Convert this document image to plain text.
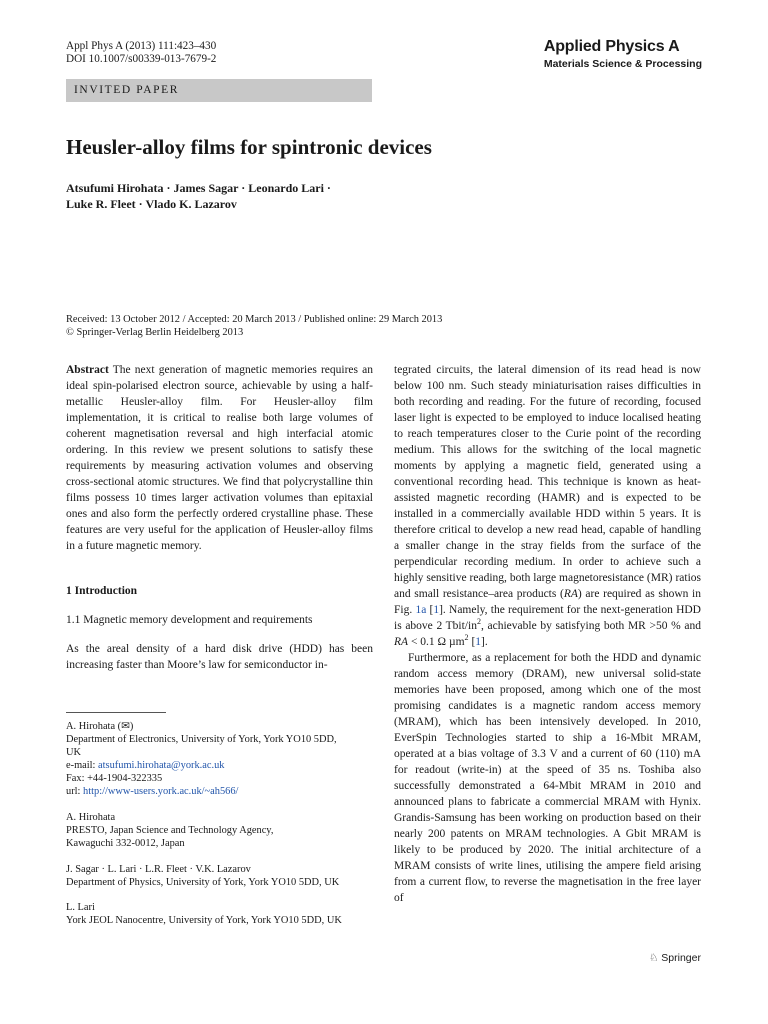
Appl Phys A (2013) 111:423–430
DOI 10.1007/s00339-013-7679-2
Applied Physics A
Materials Science & Processing
INVITED PAPER
Heusler-alloy films for spintronic devices
Atsufumi Hirohata · James Sagar · Leonardo Lari ·
Luke R. Fleet · Vlado K. Lazarov
Received: 13 October 2012 / Accepted: 20 March 2013 / Published online: 29 March 2013
© Springer-Verlag Berlin Heidelberg 2013

Abstract The next generation of magnetic memories requires an ideal spin-polarised electron source, achievable by using a half-metallic Heusler-alloy film. For Heusler-alloy film implementation, it is critical to realise both large volumes of coherent magnetisation reversal and high interfacial atomic ordering. In this review we present solutions to satisfy these requirements by measuring activation volumes and observing cross-sectional atomic structures. We find that polycrystalline thin films possess 10 times larger activation volumes than epitaxial ones and also form the perfectly ordered crystalline phase. These features are very useful for the application of Heusler-alloy films in a future magnetic memory.

1 Introduction

1.1 Magnetic memory development and requirements

As the areal density of a hard disk drive (HDD) has been increasing faster than Moore’s law for semiconductor in-

A. Hirohata (✉)
Department of Electronics, University of York, York YO10 5DD,
UK
e-mail: atsufumi.hirohata@york.ac.uk
Fax: +44-1904-322335
url: http://www-users.york.ac.uk/~ah566/
A. Hirohata
PRESTO, Japan Science and Technology Agency,
Kawaguchi 332-0012, Japan
J. Sagar · L. Lari · L.R. Fleet · V.K. Lazarov
Department of Physics, University of York, York YO10 5DD, UK
L. Lari
York JEOL Nanocentre, University of York, York YO10 5DD, UK

tegrated circuits, the lateral dimension of its read head is now below 100 nm. Such steady miniaturisation raises difficulties in both recording and reading. For the future of recording, focused laser light is expected to be employed to induce localised heating to reach temperatures closer to the Curie point of the recording medium. This allows for the switching of the local magnetic moments by applying a magnetic field, generated using a conventional recording head. This technique is known as heat-assisted magnetic recording (HAMR) and is expected to be installed in a commercially available HDD within 5 years. It is therefore critical to develop a new read head, capable of handling a smaller change in the stray fields from the surface of the perpendicular recording medium. In order to achieve such a highly sensitive reading, both large magnetoresistance (MR) ratios and small resistance–area products (RA) are required as shown in Fig. 1a [1]. Namely, the requirement for the next-generation HDD is above 2 Tbit/$in^2$, achievable by satisfying both MR >50 % and RA < 0.1 Ω µm$^2$ [1].

Furthermore, as a replacement for both the HDD and dynamic random access memory (DRAM), new universal solid-state memories have been proposed, among which one of the most promising candidates is a magnetic random access memory (MRAM), which has been intensively developed. In 2010, EverSpin Technologies started to ship a 16-Mbit MRAM, operated at a bias voltage of 3.3 V and a current of 60 (110) mA for readout (write-in) at the speed of 35 ns. Toshiba also successfully demonstrated a 64-Mbit MRAM in 2010 and announced plans to fabricate a commercial MRAM with Hynix. Grandis-Samsung has been working on production based on their nearly 200 patents on MRAM technologies. A Gbit MRAM is likely to be produced by 2020. The initial architecture of a MRAM consists of write lines, utilising the ampere field arising from a current flow, to reverse the magnetisation in the free layer of

♘ Springer
